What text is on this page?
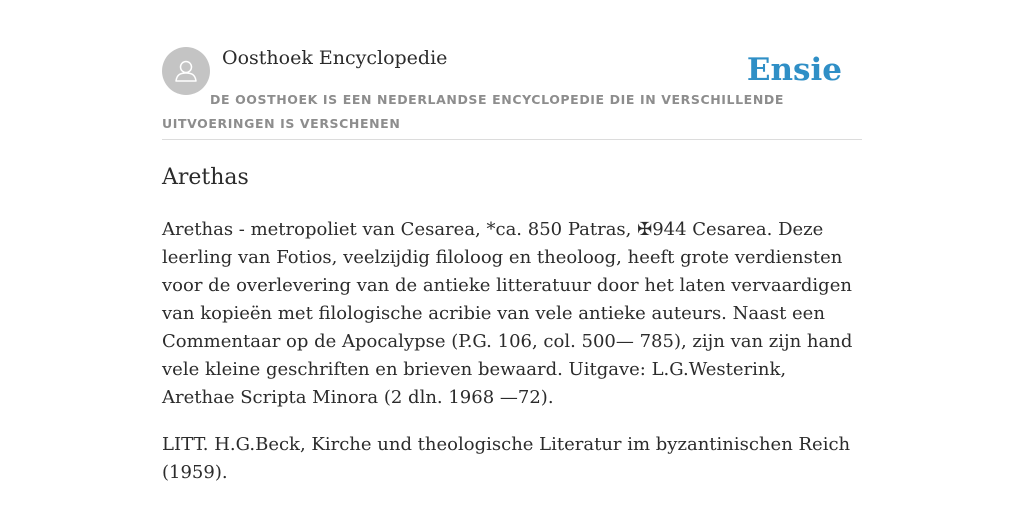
Oosthoek Encyclopedie	Ensie
DE OOSTHOEK IS EEN NEDERLANDSE ENCYCLOPEDIE DIE IN VERSCHILLENDE UITVOERINGEN IS VERSCHENEN
Arethas

Arethas - metropoliet van Cesarea, *ca. 850 Patras, ✠944 Cesarea. Deze leerling van Fotios, veelzijdig filoloog en theoloog, heeft grote verdiensten voor de overlevering van de antieke litteratuur door het laten vervaardigen van kopieën met filologische acribie van vele antieke auteurs. Naast een Commentaar op de Apocalypse (P.G. 106, col. 500— 785), zijn van zijn hand vele kleine geschriften en brieven bewaard. Uitgave: L.G.Westerink, Arethae Scripta Minora (2 dln. 1968 —72).

LITT. H.G.Beck, Kirche und theologische Literatur im byzantinischen Reich (1959).
